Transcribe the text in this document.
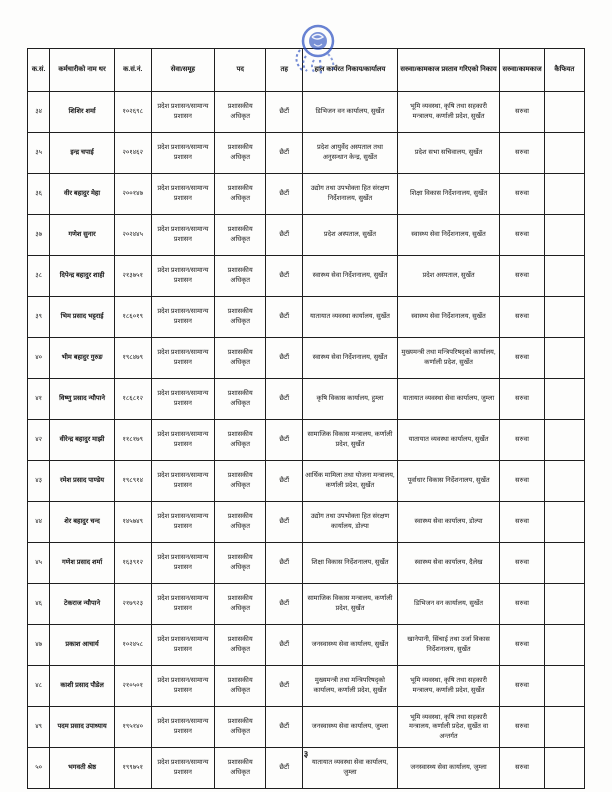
क.सं.	कर्मचारीको नाम थर	क.सं.नं.	सेवा/समूह	पद	तह	हाल कार्यरत निकाय/कार्यालय	सरुवा/कामकाज प्रस्ताव गरिएको निकाय	सरुवा/कामकाज	कैफियत
३४	शिशिर शर्मा	१०२६९८	प्रदेश प्रशासन/सामान्य प्रशासन	प्रशासकीय अधिकृत	छैटौं	डिभिजन वन कार्यालय, सुर्खेत	भूमि व्यवस्था, कृषि तथा सहकारी मन्त्रालय, कर्णाली प्रदेश, सुर्खेत	सरुवा	
३५	इन्द्र चपाई	२०१४६२	प्रदेश प्रशासन/सामान्य प्रशासन	प्रशासकीय अधिकृत	छैटौं	प्रदेश आयुर्वेद अस्पताल तथा अनुसन्धान केन्द्र, सुर्खेत	प्रदेश सभा सचिवालय, सुर्खेत	सरुवा	
३६	वीर बहादुर मेहा	२००१४७	प्रदेश प्रशासन/सामान्य प्रशासन	प्रशासकीय अधिकृत	छैटौं	उद्योग तथा उपभोक्ता हित संरक्षण निर्देशनालय, सुर्खेत	शिक्षा विकास निर्देशनालय, सुर्खेत	सरुवा	
३७	गणेश सुनार	२०२४४५	प्रदेश प्रशासन/सामान्य प्रशासन	प्रशासकीय अधिकृत	छैटौं	प्रदेश अस्पताल, सुर्खेत	स्वास्थ्य सेवा निर्देशनालय, सुर्खेत	सरुवा	
३८	दिपेन्द्र बहादुर शाही	२१३७५१	प्रदेश प्रशासन/सामान्य प्रशासन	प्रशासकीय अधिकृत	छैटौं	स्वास्थ्य सेवा निर्देशनालय, सुर्खेत	प्रदेश अस्पताल, सुर्खेत	सरुवा	
३९	भिम प्रसाद भट्टराई	१८६०१९	प्रदेश प्रशासन/सामान्य प्रशासन	प्रशासकीय अधिकृत	छैटौं	यातायात व्यवस्था कार्यालय, सुर्खेत	स्वास्थ्य सेवा निर्देशनालय, सुर्खेत	सरुवा	
४०	भीम बहादुर गुरुङ	१९८४७९	प्रदेश प्रशासन/सामान्य प्रशासन	प्रशासकीय अधिकृत	छैटौं	स्वास्थ्य सेवा निर्देशनालय, सुर्खेत	मुख्यमन्त्री तथा मन्त्रिपरिषद्को कार्यालय, कर्णाली प्रदेश, सुर्खेत	सरुवा	
४१	विष्णु प्रसाद न्यौपाने	१८६८१२	प्रदेश प्रशासन/सामान्य प्रशासन	प्रशासकीय अधिकृत	छैटौं	कृषि विकास कार्यालय, हुम्ला	यातायात व्यवस्था सेवा कार्यालय, जुम्ला	सरुवा	
४२	वीरेन्द्र बहादुर माझी	११८१७९	प्रदेश प्रशासन/सामान्य प्रशासन	प्रशासकीय अधिकृत	छैटौं	सामाजिक विकास मन्त्रालय, कर्णाली प्रदेश, सुर्खेत	यातायात व्यवस्था कार्यालय, सुर्खेत	सरुवा	
४३	रमेश प्रसाद पाण्डेय	१९८९१४	प्रदेश प्रशासन/सामान्य प्रशासन	प्रशासकीय अधिकृत	छैटौं	आर्थिक मामिला तथा योजना मन्त्रालय, कर्णाली प्रदेश, सुर्खेत	पूर्वाधार विकास निर्देशनालय, सुर्खेत	सरुवा	
४४	शेर बहादुर चन्द	१४५७४९	प्रदेश प्रशासन/सामान्य प्रशासन	प्रशासकीय अधिकृत	छैटौं	उद्योग तथा उपभोक्ता हित संरक्षण कार्यालय, डोल्पा	स्वास्थ्य सेवा कार्यालय, डोल्पा	सरुवा	
४५	गणेश प्रसाद शर्मा	१६३९१२	प्रदेश प्रशासन/सामान्य प्रशासन	प्रशासकीय अधिकृत	छैटौं	शिक्षा विकास निर्देशनालय, सुर्खेत	स्वास्थ्य सेवा कार्यालय, दैलेख	सरुवा	
४६	टेकराज न्यौपाने	२१७९२३	प्रदेश प्रशासन/सामान्य प्रशासन	प्रशासकीय अधिकृत	छैटौं	सामाजिक विकास मन्त्रालय, कर्णाली प्रदेश, सुर्खेत	डिभिजन वन कार्यालय, सुर्खेत	सरुवा	
४७	प्रकाश आचार्य	१०२४५८	प्रदेश प्रशासन/सामान्य प्रशासन	प्रशासकीय अधिकृत	छैटौं	जनस्वास्थ्य सेवा कार्यालय, सुर्खेत	खानेपानी, सिंचाई तथा उर्जा विकास निर्देशनालय, सुर्खेत	सरुवा	
४८	काशी प्रसाद पौडेल	२१०५०१	प्रदेश प्रशासन/सामान्य प्रशासन	प्रशासकीय अधिकृत	छैटौं	मुख्यमन्त्री तथा मन्त्रिपरिषद्को कार्यालय, कर्णाली प्रदेश, सुर्खेत	भूमि व्यवस्था, कृषि तथा सहकारी मन्त्रालय, कर्णाली प्रदेश, सुर्खेत	सरुवा	
४९	पदम प्रसाद उपाध्याय	१९५१४०	प्रदेश प्रशासन/सामान्य प्रशासन	प्रशासकीय अधिकृत	छैटौं	जनस्वास्थ्य सेवा कार्यालय, जुम्ला	भूमि व्यवस्था, कृषि तथा सहकारी मन्त्रालय, कर्णाली प्रदेश, सुर्खेत वा अन्तर्गत	सरुवा	
५०	भगवती श्रेष्ठ	१९९७५१	प्रदेश प्रशासन/सामान्य प्रशासन	प्रशासकीय अधिकृत	छैटौं	यातायात व्यवस्था सेवा कार्यालय, जुम्ला	जनस्वास्थ्य सेवा कार्यालय, जुम्ला	सरुवा	
३
